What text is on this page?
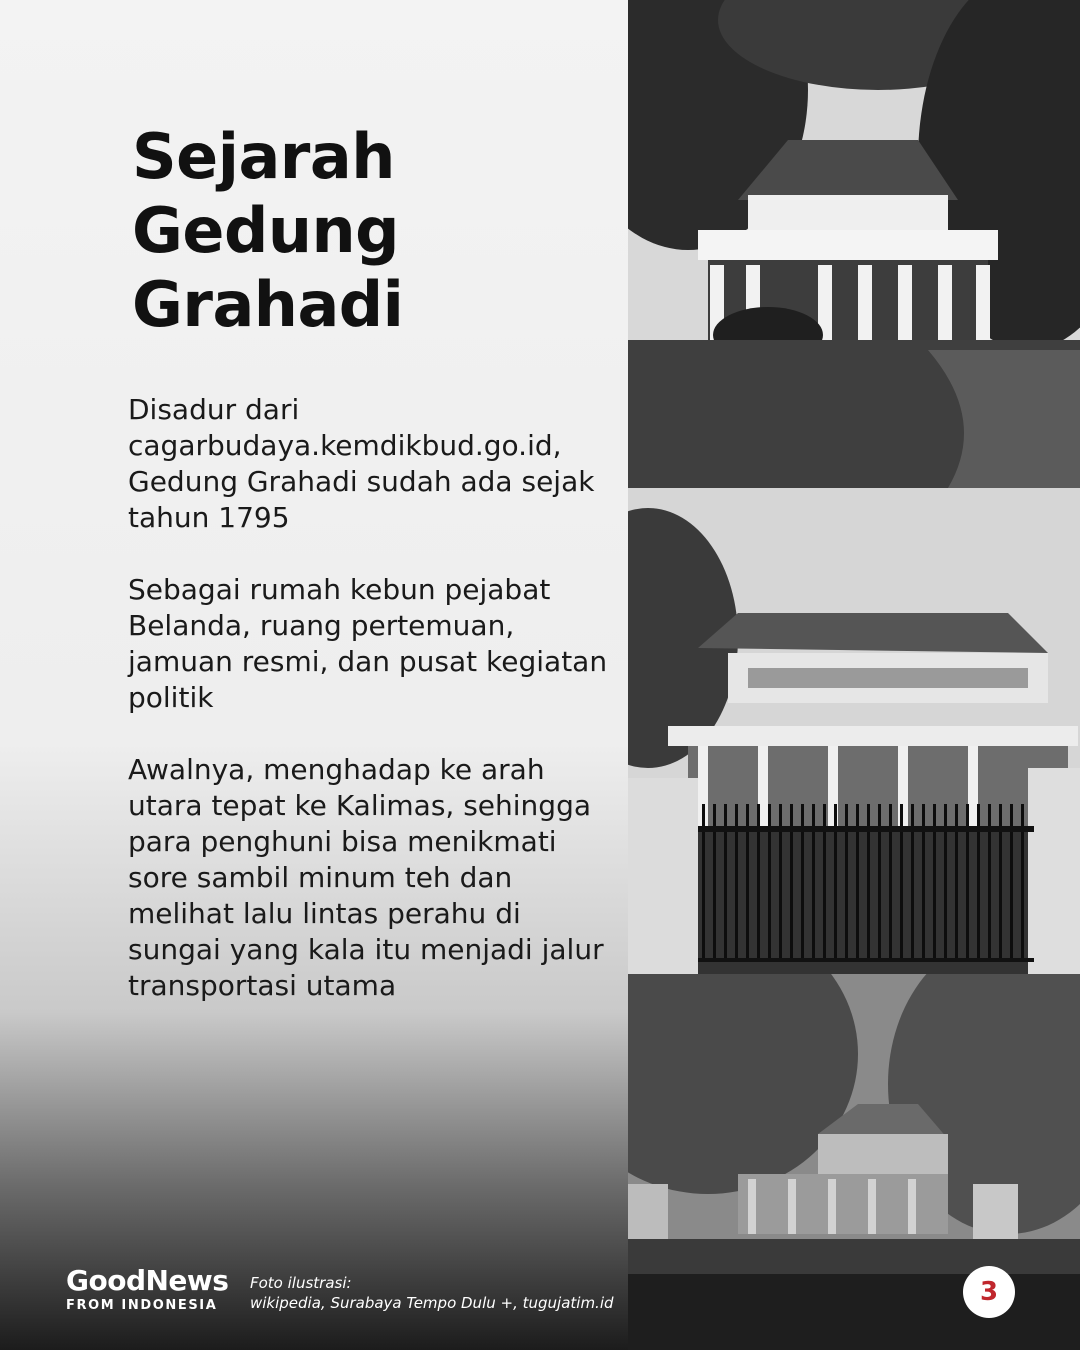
Sejarah
Gedung
Grahadi

Disadur dari cagarbudaya.kemdikbud.go.id, Gedung Grahadi sudah ada sejak tahun 1795

Sebagai rumah kebun pejabat Belanda, ruang pertemuan, jamuan resmi, dan pusat kegiatan politik

Awalnya, menghadap ke arah utara tepat ke Kalimas, sehingga para penghuni bisa menikmati sore sambil minum teh dan melihat lalu lintas perahu di sungai yang kala itu menjadi jalur transportasi utama

GoodNews
FROM INDONESIA
Foto ilustrasi:
wikipedia, Surabaya Tempo Dulu +, tugujatim.id	3
